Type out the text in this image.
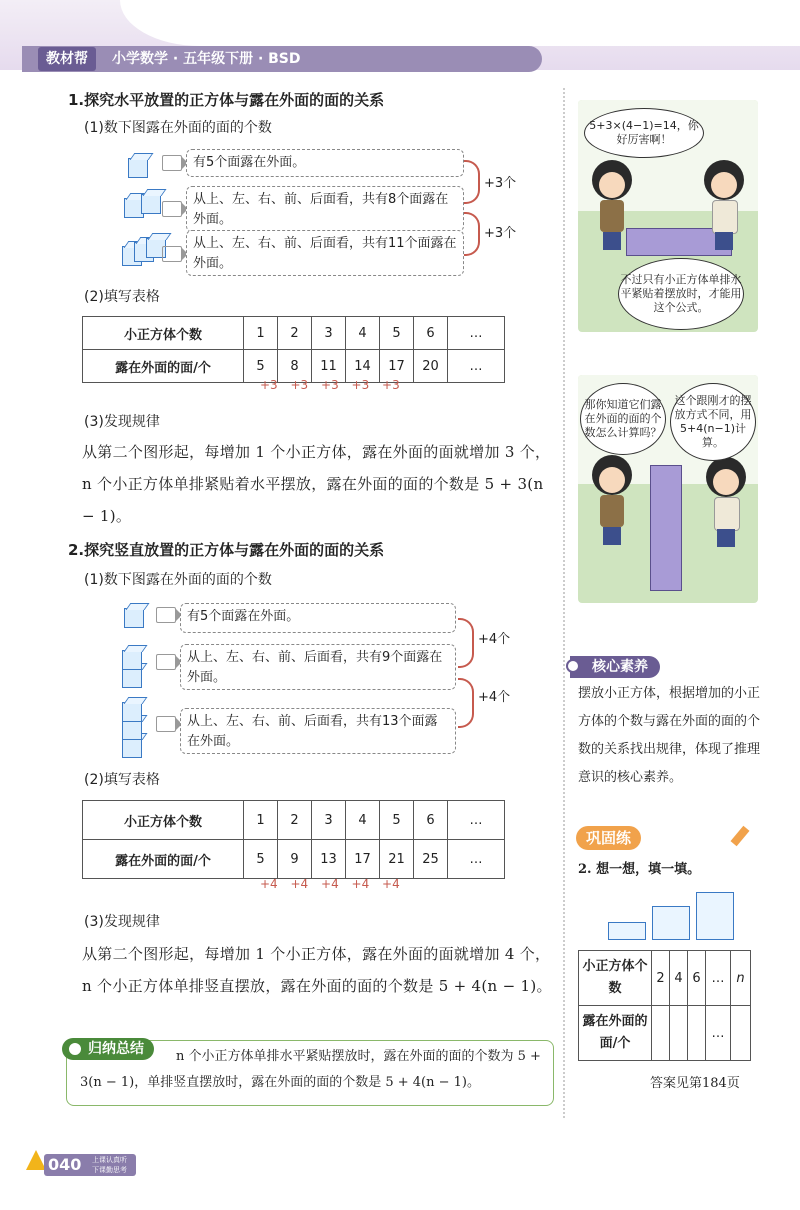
教材帮	小学数学 · 五年级下册 · BSD
1.探究水平放置的正方体与露在外面的面的关系
(1)数下图露在外面的面的个数
有5个面露在外面。
从上、左、右、前、后面看，共有8个面露在外面。
从上、左、右、前、后面看，共有11个面露在外面。
+3个
+3个
(2)填写表格
小正方体个数	1	2	3	4	5	6	…
露在外面的面/个	5	8	11	14	17	20	…
+3 +3 +3 +3 +3
(3)发现规律
从第二个图形起，每增加 1 个小正方体，露在外面的面就增加 3 个，n 个小正方体单排紧贴着水平摆放，露在外面的面的个数是 5 + 3(n − 1)。
2.探究竖直放置的正方体与露在外面的面的关系
(1)数下图露在外面的面的个数
有5个面露在外面。
从上、左、右、前、后面看，共有9个面露在外面。
从上、左、右、前、后面看，共有13个面露在外面。
+4个
+4个
(2)填写表格
小正方体个数	1	2	3	4	5	6	…
露在外面的面/个	5	9	13	17	21	25	…
+4 +4 +4 +4 +4
(3)发现规律
从第二个图形起，每增加 1 个小正方体，露在外面的面就增加 4 个，n 个小正方体单排竖直摆放，露在外面的面的个数是 5 + 4(n − 1)。
归纳总结	n 个小正方体单排水平紧贴摆放时，露在外面的面的个数为 5 + 3(n − 1)，单排竖直摆放时，露在外面的面的个数是 5 + 4(n − 1)。
5+3×(4−1)=14，你好厉害啊！
不过只有小正方体单排水平紧贴着摆放时，才能用这个公式。
那你知道它们露在外面的面的个数怎么计算吗？
这个跟刚才的摆放方式不同，用5+4(n−1)计算。
核心素养
摆放小正方体，根据增加的小正方体的个数与露在外面的面的个数的关系找出规律，体现了推理意识的核心素养。
巩固练
2. 想一想，填一填。
小正方体个数	2	4	6	…	n
露在外面的面/个				…	
答案见第184页
040 上课认真听 下课勤思考
